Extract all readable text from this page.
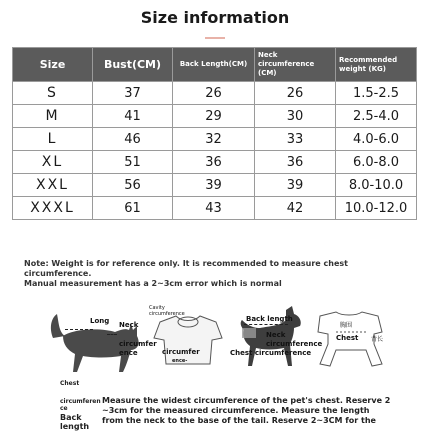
Size information
Size	Bust(CM)	Back Length(CM)	Neck circumference (CM)	Recommended weight (KG)
S	37	26	26	1.5-2.5
M	41	29	30	2.5-4.0
L	46	32	33	4.0-6.0
XL	51	36	36	6.0-8.0
XXL	56	39	39	8.0-10.0
XXXL	61	43	42	10.0-12.0
Note: Weight is for reference only. It is recommended to measure chest circumference.
Manual measurement has a 2~3cm error which is normal
Long Neck
circumfer
ence
Chest
Cavity
circumference
circumfer
ence-
Back length
Neck
circumference
Chest circumference
胸围
Chest 背长
Chest
circumferen
ce
Back
length
Measure the widest circumference of the pet's chest. Reserve 2
~3cm for the measured circumference. Measure the length
from the neck to the base of the tail. Reserve 2~3CM for the
